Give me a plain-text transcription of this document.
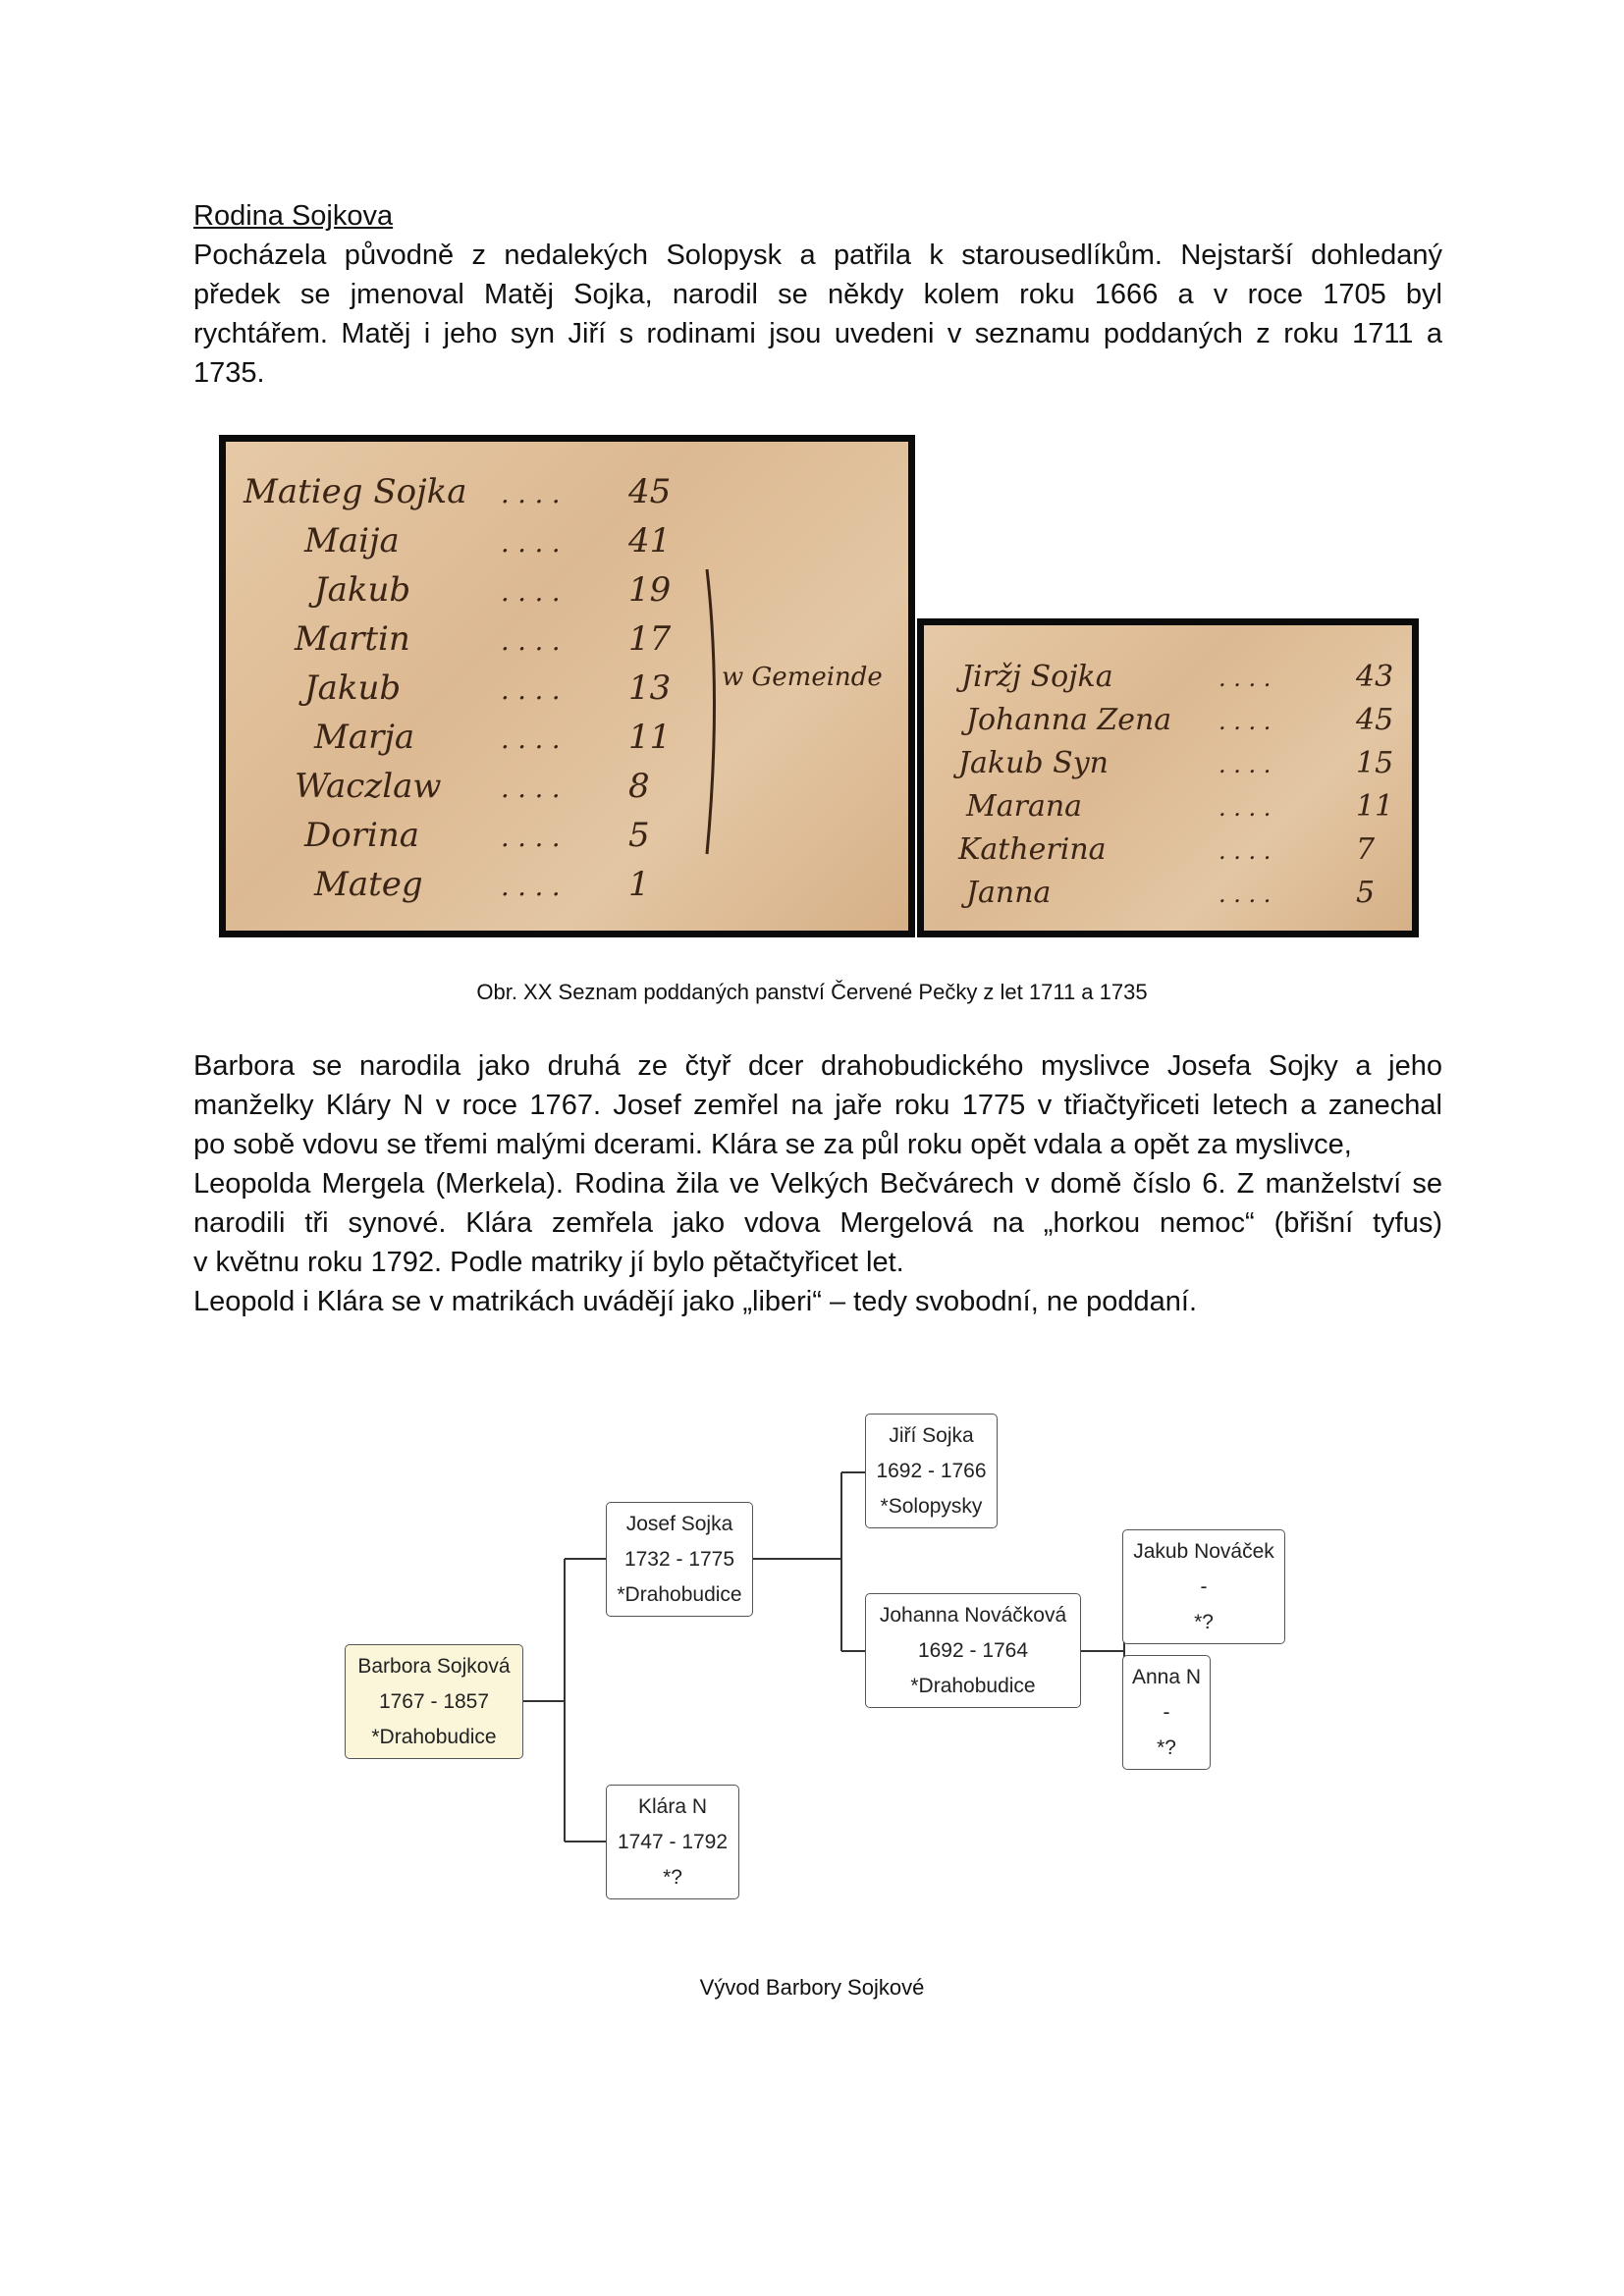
Rodina Sojkova
Pocházela původně z nedalekých Solopysk a patřila k starousedlíkům. Nejstarší dohledaný
předek se jmenoval Matěj Sojka, narodil se někdy kolem roku 1666 a v roce 1705 byl
rychtářem. Matěj i jeho syn Jiří s rodinami jsou uvedeni v seznamu poddaných z roku 1711 a
1735.
Matieg Sojka . . . . 45
Maija	. . . . 41
Jakub	. . . . 19
Martin	. . . . 17
Jakub	. . . . 13
Marja	. . . . 11
Waczlaw . . . . 8
Dorina	. . . . 5
Mateg	. . . . 1
w Gemeinde	Jiržj Sojka	. . . .	43
Johanna Zena . . . .	45
Jakub Syn	. . . .	15
Marana	. . . .	11
Katherina	. . . .	7
Janna	. . . .	5
Obr. XX Seznam poddaných panství Červené Pečky z let 1711 a 1735
Barbora se narodila jako druhá ze čtyř dcer drahobudického myslivce Josefa Sojky a jeho
manželky Kláry N v roce 1767. Josef zemřel na jaře roku 1775 v třiačtyřiceti letech a zanechal
po sobě vdovu se třemi malými dcerami. Klára se za půl roku opět vdala a opět za myslivce,
Leopolda Mergela (Merkela). Rodina žila ve Velkých Bečvárech v domě číslo 6. Z manželství se
narodili tři synové. Klára zemřela jako vdova Mergelová na „horkou nemoc“ (břišní tyfus)
v květnu roku 1792. Podle matriky jí bylo pětačtyřicet let.
Leopold i Klára se v matrikách uvádějí jako „liberi“ – tedy svobodní, ne poddaní.
Barbora Sojková
1767 - 1857
*Drahobudice
Josef Sojka
1732 - 1775
*Drahobudice
Klára N
1747 - 1792
*?
Jiří Sojka
1692 - 1766
*Solopysky
Johanna Nováčková
1692 - 1764
*Drahobudice
Jakub Nováček
-
*?
Anna N
-
*?
Vývod Barbory Sojkové
